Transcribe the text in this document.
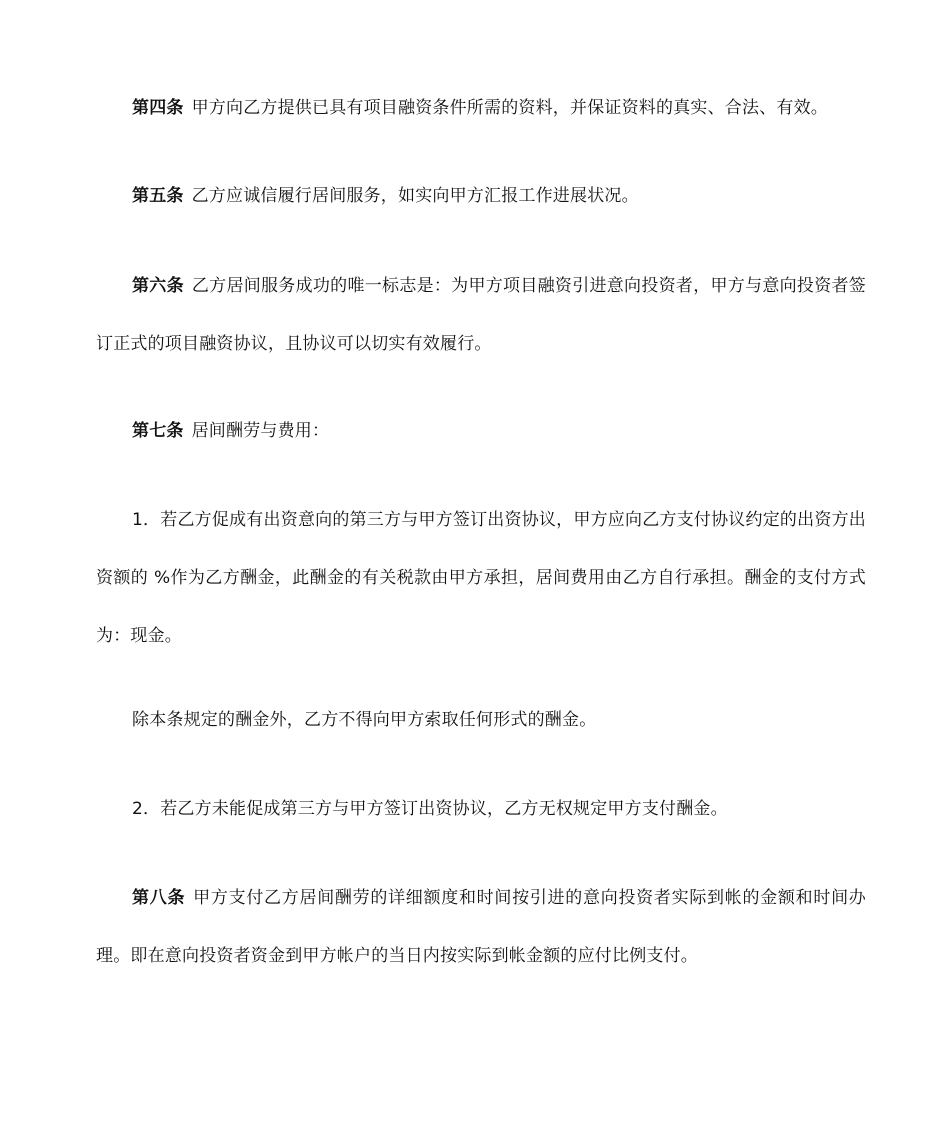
第四条 甲方向乙方提供已具有项目融资条件所需的资料，并保证资料的真实、合法、有效。

第五条 乙方应诚信履行居间服务，如实向甲方汇报工作进展状况。

第六条 乙方居间服务成功的唯一标志是：为甲方项目融资引进意向投资者，甲方与意向投资者签订正式的项目融资协议，且协议可以切实有效履行。

第七条 居间酬劳与费用：

1．若乙方促成有出资意向的第三方与甲方签订出资协议，甲方应向乙方支付协议约定的出资方出资额的 %作为乙方酬金，此酬金的有关税款由甲方承担，居间费用由乙方自行承担。酬金的支付方式为：现金。

除本条规定的酬金外，乙方不得向甲方索取任何形式的酬金。

2．若乙方未能促成第三方与甲方签订出资协议，乙方无权规定甲方支付酬金。

第八条 甲方支付乙方居间酬劳的详细额度和时间按引进的意向投资者实际到帐的金额和时间办理。即在意向投资者资金到甲方帐户的当日内按实际到帐金额的应付比例支付。
